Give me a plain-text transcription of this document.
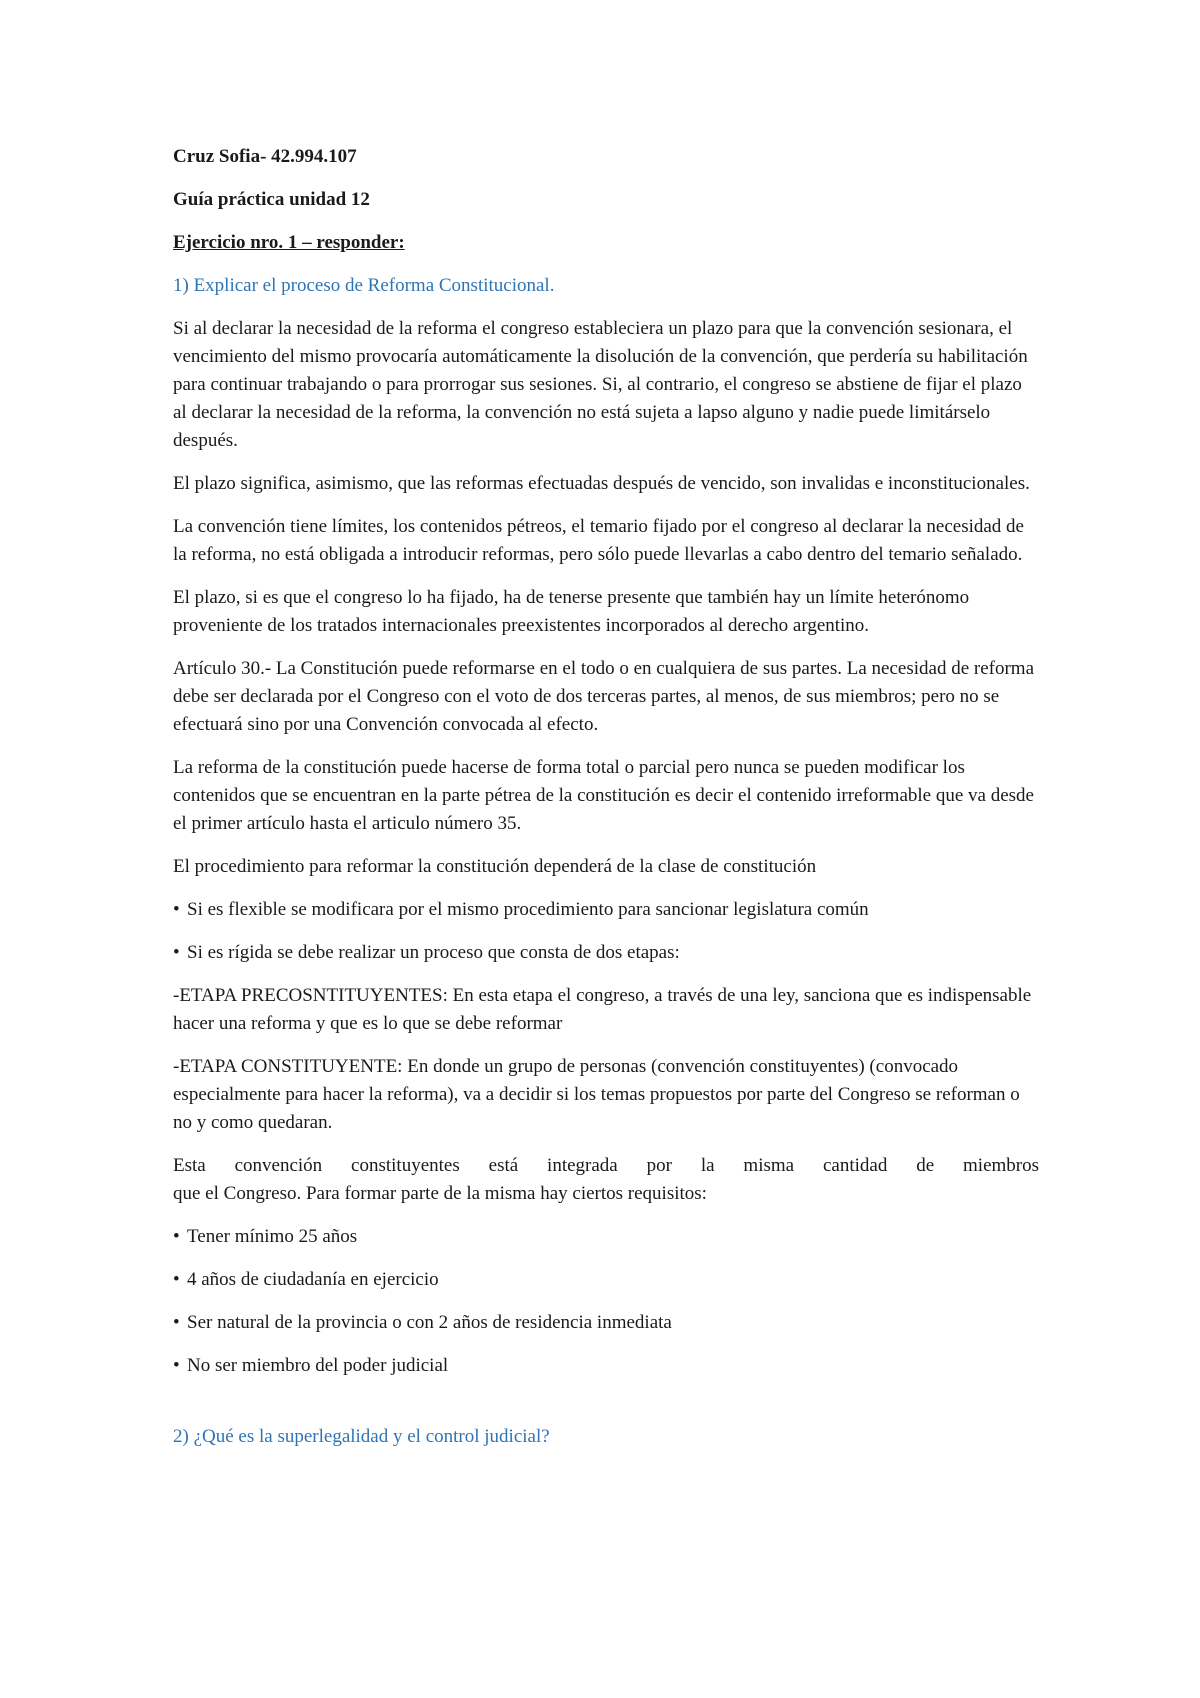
Cruz Sofia- 42.994.107

Guía práctica unidad 12

Ejercicio nro. 1 – responder:

1) Explicar el proceso de Reforma Constitucional.

Si al declarar la necesidad de la reforma el congreso estableciera un plazo para que la convención sesionara, el vencimiento del mismo provocaría automáticamente la disolución de la convención, que perdería su habilitación para continuar trabajando o para prorrogar sus sesiones. Si, al contrario, el congreso se abstiene de fijar el plazo al declarar la necesidad de la reforma, la convención no está sujeta a lapso alguno y nadie puede limitárselo después.

El plazo significa, asimismo, que las reformas efectuadas después de vencido, son invalidas e inconstitucionales.

La convención tiene límites, los contenidos pétreos, el temario fijado por el congreso al declarar la necesidad de la reforma, no está obligada a introducir reformas, pero sólo puede llevarlas a cabo dentro del temario señalado.

El plazo, si es que el congreso lo ha fijado, ha de tenerse presente que también hay un límite heterónomo proveniente de los tratados internacionales preexistentes incorporados al derecho argentino.

Artículo 30.- La Constitución puede reformarse en el todo o en cualquiera de sus partes. La necesidad de reforma debe ser declarada por el Congreso con el voto de dos terceras partes, al menos, de sus miembros; pero no se efectuará sino por una Convención convocada al efecto.

La reforma de la constitución puede hacerse de forma total o parcial pero nunca se pueden modificar los contenidos que se encuentran en la parte pétrea de la constitución es decir el contenido irreformable que va desde el primer artículo hasta el articulo número 35.

El procedimiento para reformar la constitución dependerá de la clase de constitución

• Si es flexible se modificara por el mismo procedimiento para sancionar legislatura común
• Si es rígida se debe realizar un proceso que consta de dos etapas:

-ETAPA PRECOSNTITUYENTES: En esta etapa el congreso, a través de una ley, sanciona que es indispensable hacer una reforma y que es lo que se debe reformar

-ETAPA CONSTITUYENTE: En donde un grupo de personas (convención constituyentes) (convocado especialmente para hacer la reforma), va a decidir si los temas propuestos por parte del Congreso se reforman o no y como quedaran.

Esta convención constituyentes está integrada por la misma cantidad de miembros
que el Congreso. Para formar parte de la misma hay ciertos requisitos:

• Tener mínimo 25 años
• 4 años de ciudadanía en ejercicio
• Ser natural de la provincia o con 2 años de residencia inmediata
• No ser miembro del poder judicial

2) ¿Qué es la superlegalidad y el control judicial?
